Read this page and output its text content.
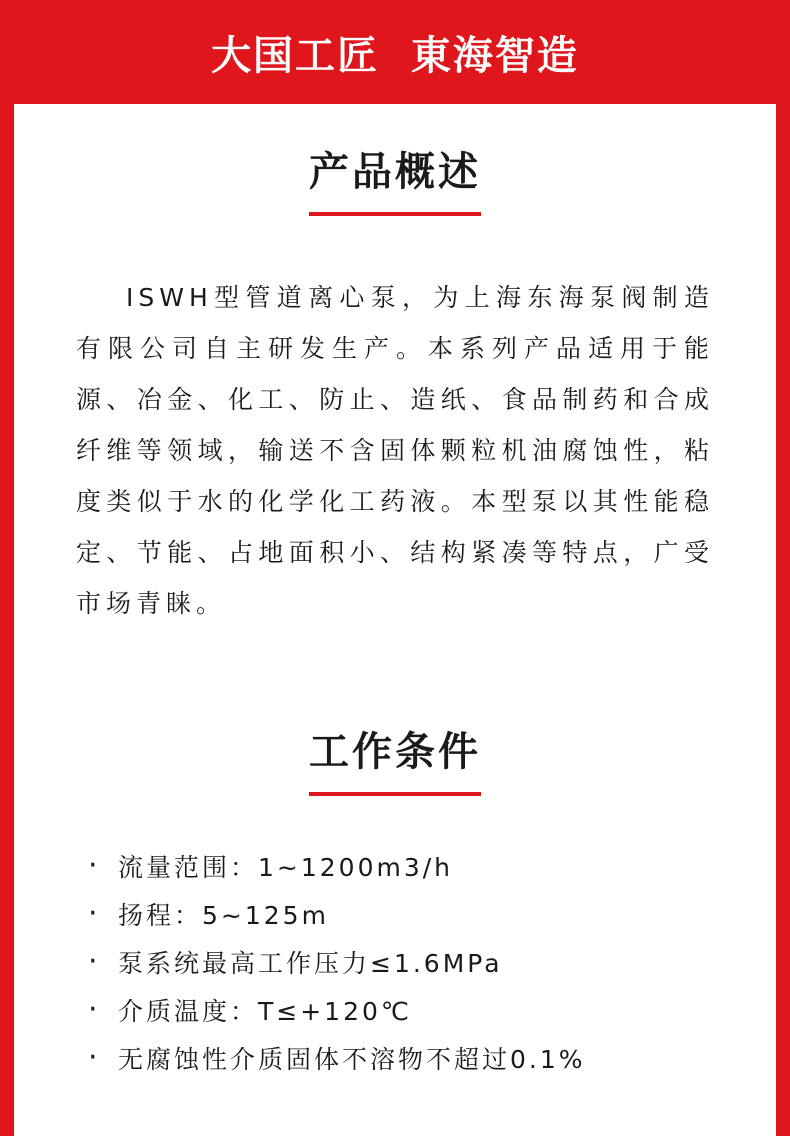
大国工匠  東海智造
产品概述

ISWH型管道离心泵，为上海东海泵阀制造有限公司自主研发生产。本系列产品适用于能源、冶金、化工、防止、造纸、食品制药和合成纤维等领域，输送不含固体颗粒机油腐蚀性，粘度类似于水的化学化工药液。本型泵以其性能稳定、节能、占地面积小、结构紧凑等特点，广受市场青睐。

工作条件
· 流量范围：1~1200m3/h
· 扬程：5~125m
· 泵系统最高工作压力≤1.6MPa
· 介质温度：T≤+120℃
· 无腐蚀性介质固体不溶物不超过0.1%
